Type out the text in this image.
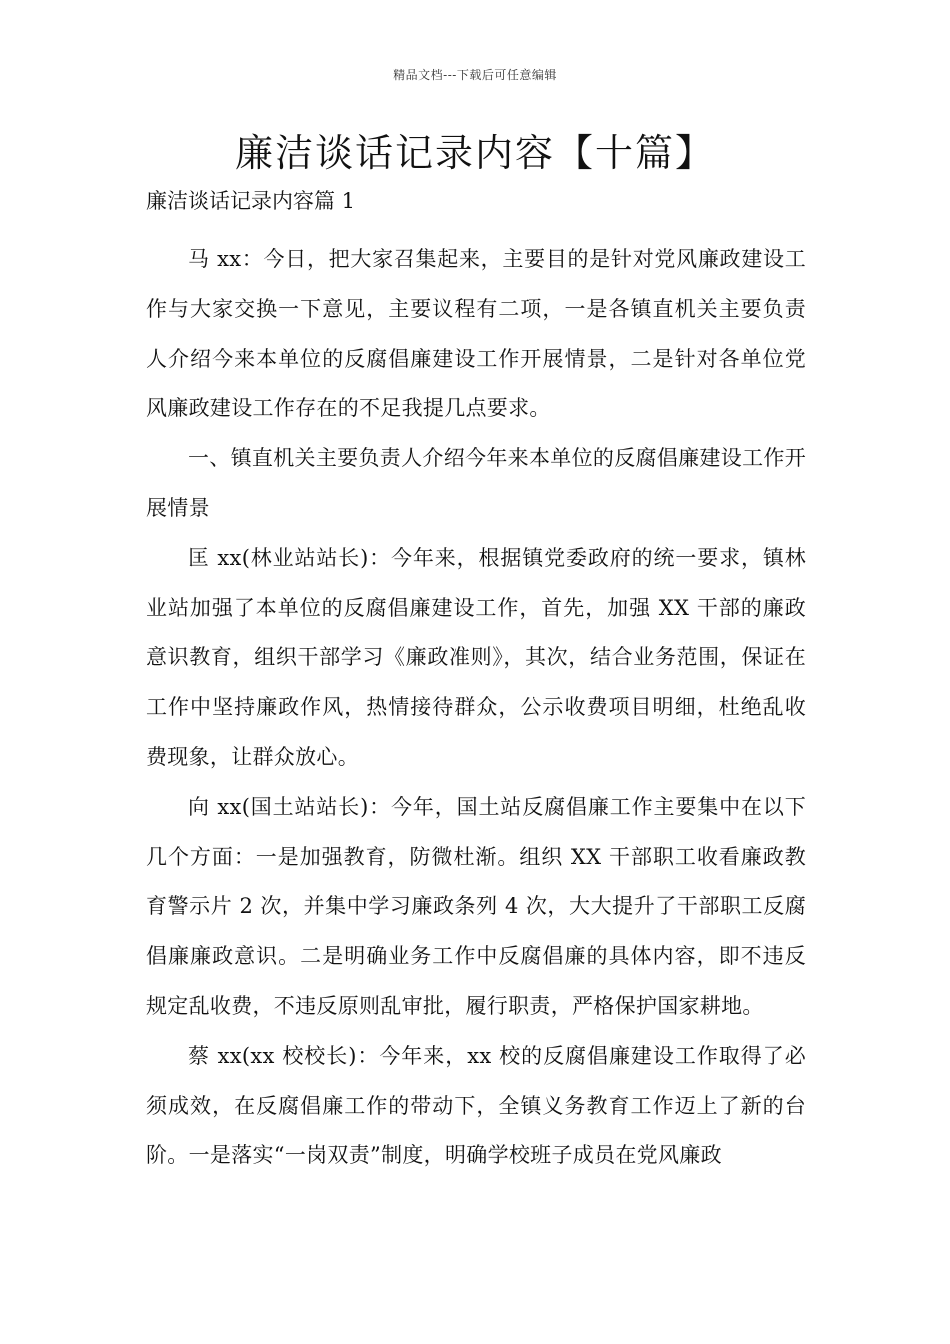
精品文档---下载后可任意编辑
廉洁谈话记录内容【十篇】
廉洁谈话记录内容篇 1

马 xx：今日，把大家召集起来，主要目的是针对党风廉政建设工作与大家交换一下意见，主要议程有二项，一是各镇直机关主要负责人介绍今来本单位的反腐倡廉建设工作开展情景，二是针对各单位党风廉政建设工作存在的不足我提几点要求。

一、镇直机关主要负责人介绍今年来本单位的反腐倡廉建设工作开展情景

匡 xx(林业站站长)：今年来，根据镇党委政府的统一要求，镇林业站加强了本单位的反腐倡廉建设工作，首先，加强 XX 干部的廉政意识教育，组织干部学习《廉政准则》，其次，结合业务范围，保证在工作中坚持廉政作风，热情接待群众，公示收费项目明细，杜绝乱收费现象，让群众放心。

向 xx(国土站站长)：今年，国土站反腐倡廉工作主要集中在以下几个方面：一是加强教育，防微杜渐。组织 XX 干部职工收看廉政教育警示片 2 次，并集中学习廉政条列 4 次，大大提升了干部职工反腐倡廉廉政意识。二是明确业务工作中反腐倡廉的具体内容，即不违反规定乱收费，不违反原则乱审批，履行职责，严格保护国家耕地。

蔡 xx(xx 校校长)：今年来，xx 校的反腐倡廉建设工作取得了必须成效，在反腐倡廉工作的带动下，全镇义务教育工作迈上了新的台阶。一是落实“一岗双责”制度，明确学校班子成员在党风廉政
